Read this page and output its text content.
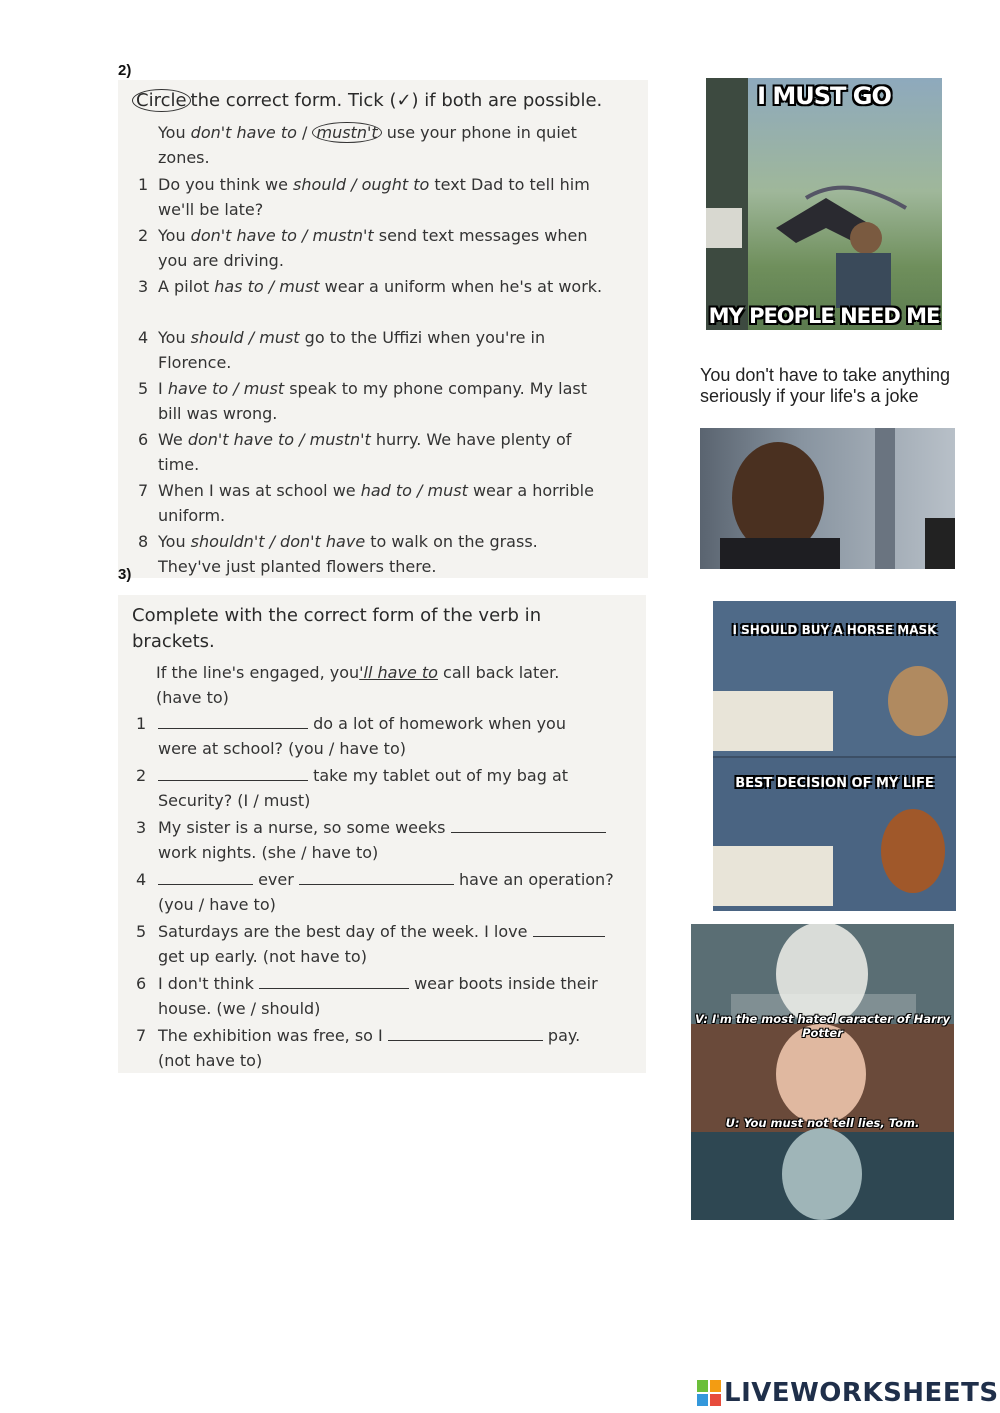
2)
Circle the correct form. Tick (✓) if both are possible.
You don't have to / mustn't use your phone in quiet
zones.
1 Do you think we should / ought to text Dad to tell him
we'll be late?
2 You don't have to / mustn't send text messages when
you are driving.
3 A pilot has to / must wear a uniform when he's at work.
4 You should / must go to the Uffizi when you're in
Florence.
5 I have to / must speak to my phone company. My last
bill was wrong.
6 We don't have to / mustn't hurry. We have plenty of
time.
7 When I was at school we had to / must wear a horrible
uniform.
8 You shouldn't / don't have to walk on the grass.
They've just planted flowers there.
3)
Complete with the correct form of the verb in
brackets.
If the line's engaged, you'll have to call back later.
(have to)
1	do a lot of homework when you
were at school? (you / have to)
2	take my tablet out of my bag at
Security? (I / must)
3 My sister is a nurse, so some weeks
work nights. (she / have to)
4	ever	have an operation?
(you / have to)
5 Saturdays are the best day of the week. I love
get up early. (not have to)
6 I don't think	wear boots inside their
house. (we / should)
7 The exhibition was free, so I	pay.
(not have to)
I MUST GO
MY PEOPLE NEED ME
You don't have to take anything seriously if your life's a joke
I SHOULD BUY A HORSE MASK
BEST DECISION OF MY LIFE
V: I'm the most hated caracter of Harry Potter
U: You must not tell lies, Tom.
LIVEWORKSHEETS
